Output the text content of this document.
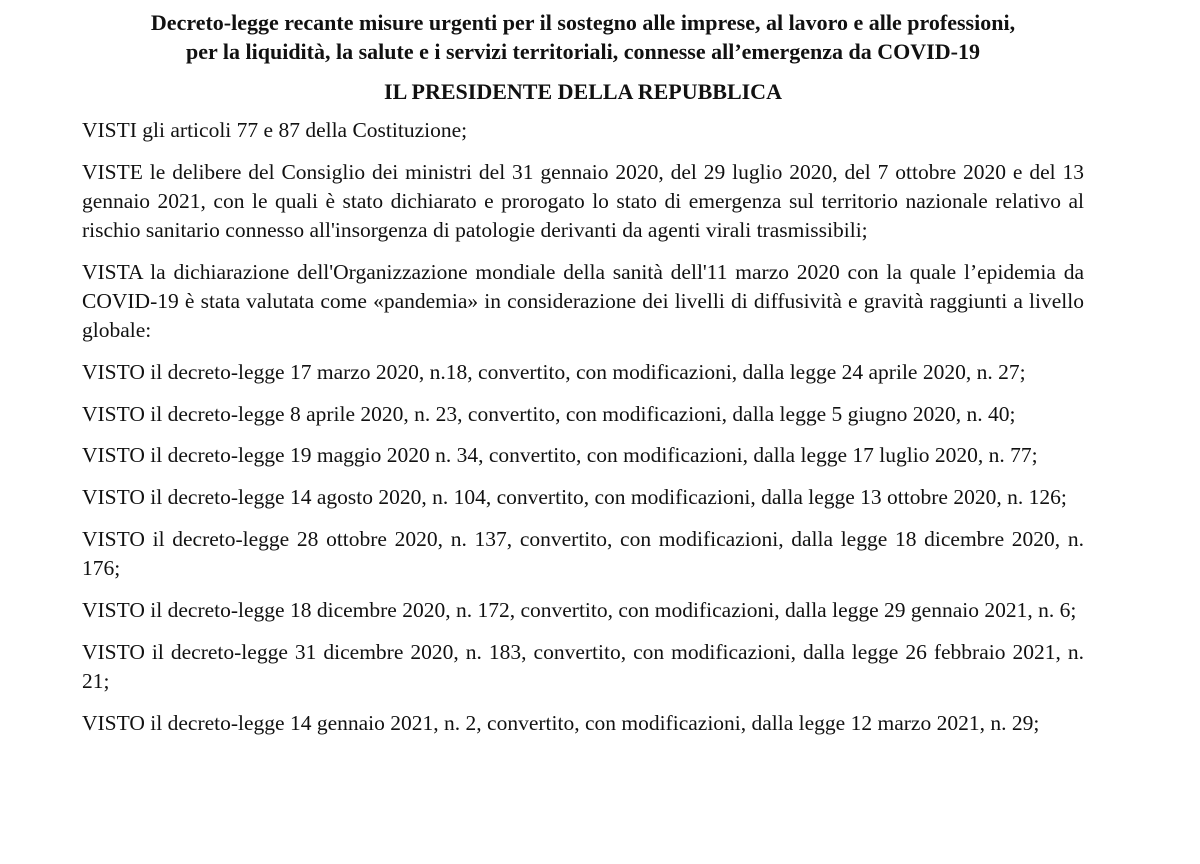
Decreto-legge recante misure urgenti per il sostegno alle imprese, al lavoro e alle professioni,
per la liquidità, la salute e i servizi territoriali, connesse all’emergenza da COVID-19

IL PRESIDENTE DELLA REPUBBLICA

VISTI gli articoli 77 e 87 della Costituzione;

VISTE le delibere del Consiglio dei ministri del 31 gennaio 2020, del 29 luglio 2020, del 7 ottobre 2020 e del 13 gennaio 2021, con le quali è stato dichiarato e prorogato lo stato di emergenza sul territorio nazionale relativo al rischio sanitario connesso all'insorgenza di patologie derivanti da agenti virali trasmissibili;

VISTA la dichiarazione dell'Organizzazione mondiale della sanità dell'11 marzo 2020 con la quale l’epidemia da COVID-19 è stata valutata come «pandemia» in considerazione dei livelli di diffusività e gravità raggiunti a livello globale:

VISTO il decreto-legge 17 marzo 2020, n.18, convertito, con modificazioni, dalla legge 24 aprile 2020, n. 27;

VISTO il decreto-legge 8 aprile 2020, n. 23, convertito, con modificazioni, dalla legge 5 giugno 2020, n. 40;

VISTO il decreto-legge 19 maggio 2020 n. 34, convertito, con modificazioni, dalla legge 17 luglio 2020, n. 77;

VISTO il decreto-legge 14 agosto 2020, n. 104, convertito, con modificazioni, dalla legge 13 ottobre 2020, n. 126;

VISTO il decreto-legge 28 ottobre 2020, n. 137, convertito, con modificazioni, dalla legge 18 dicembre 2020, n. 176;

VISTO il decreto-legge 18 dicembre 2020, n. 172, convertito, con modificazioni, dalla legge 29 gennaio 2021, n. 6;

VISTO il decreto-legge 31 dicembre 2020, n. 183, convertito, con modificazioni, dalla legge 26 febbraio 2021, n. 21;

VISTO il decreto-legge 14 gennaio 2021, n. 2, convertito, con modificazioni, dalla legge 12 marzo 2021, n. 29;
